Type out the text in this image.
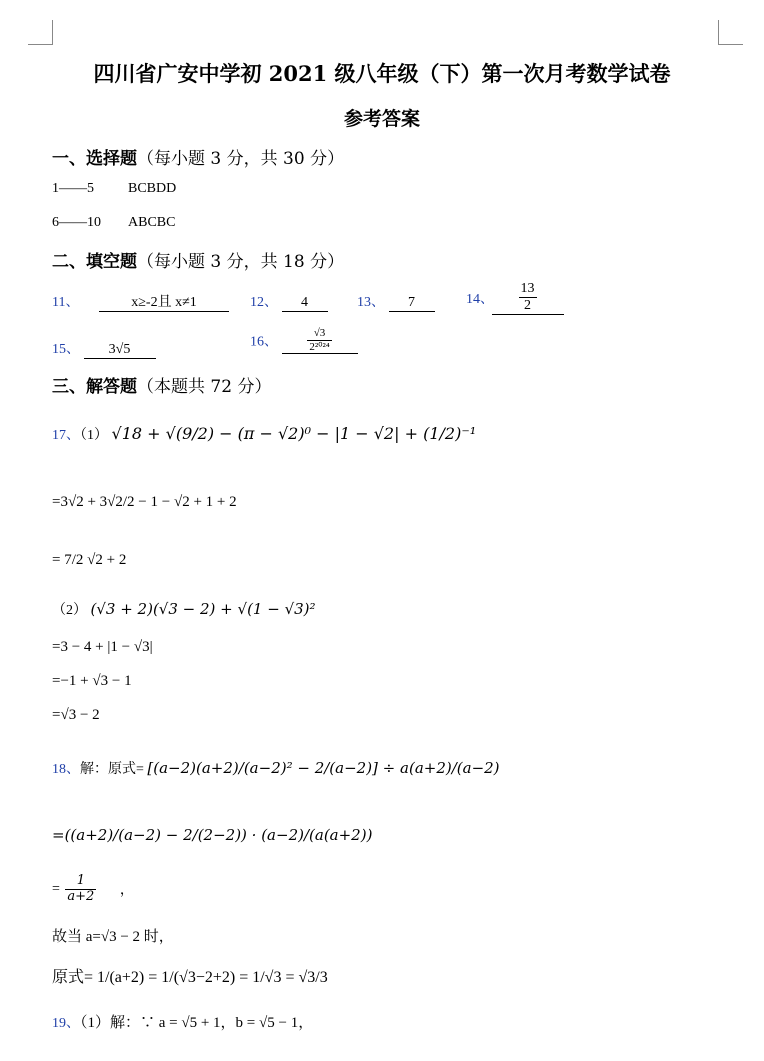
四川省广安中学初 2021 级八年级（下）第一次月考数学试卷
参考答案
一、选择题（每小题 3 分，共 30 分）
1——5 BCBDD
6——10 ABCBC
二、填空题（每小题 3 分，共 18 分）
11、	x≥-2且 x≠1	12、 4	13、 7	14、 $\frac{13}{2}$
15、 3√5	16、	$\frac{√3}{\text{2²⁰²⁴}}$
三、解答题（本题共 72 分）
17、（1） √18 + √(9/2) − (π − √2)⁰ − |1 − √2| + (1/2)⁻¹
=3√2 + 3√2/2 − 1 − √2 + 1 + 2
= 7/2 √2 + 2
（2） (√3 + 2)(√3 − 2) + √(1 − √3)²
=3 − 4 + |1 − √3|
=−1 + √3 − 1
=√3 − 2
18、解：原式= [(a−2)(a+2)/(a−2)² − 2/(a−2)] ÷ a(a+2)/(a−2)
=((a+2)/(a−2) − 2/(2−2)) · (a−2)/(a(a+2))
= $\frac{1}{a+2}$ ，
故当 a=√3 − 2 时，
原式= 1/(a+2) = 1/(√3−2+2) = 1/√3 = √3/3
19、（1）解：∵ a = √5 + 1，b = √5 − 1，
